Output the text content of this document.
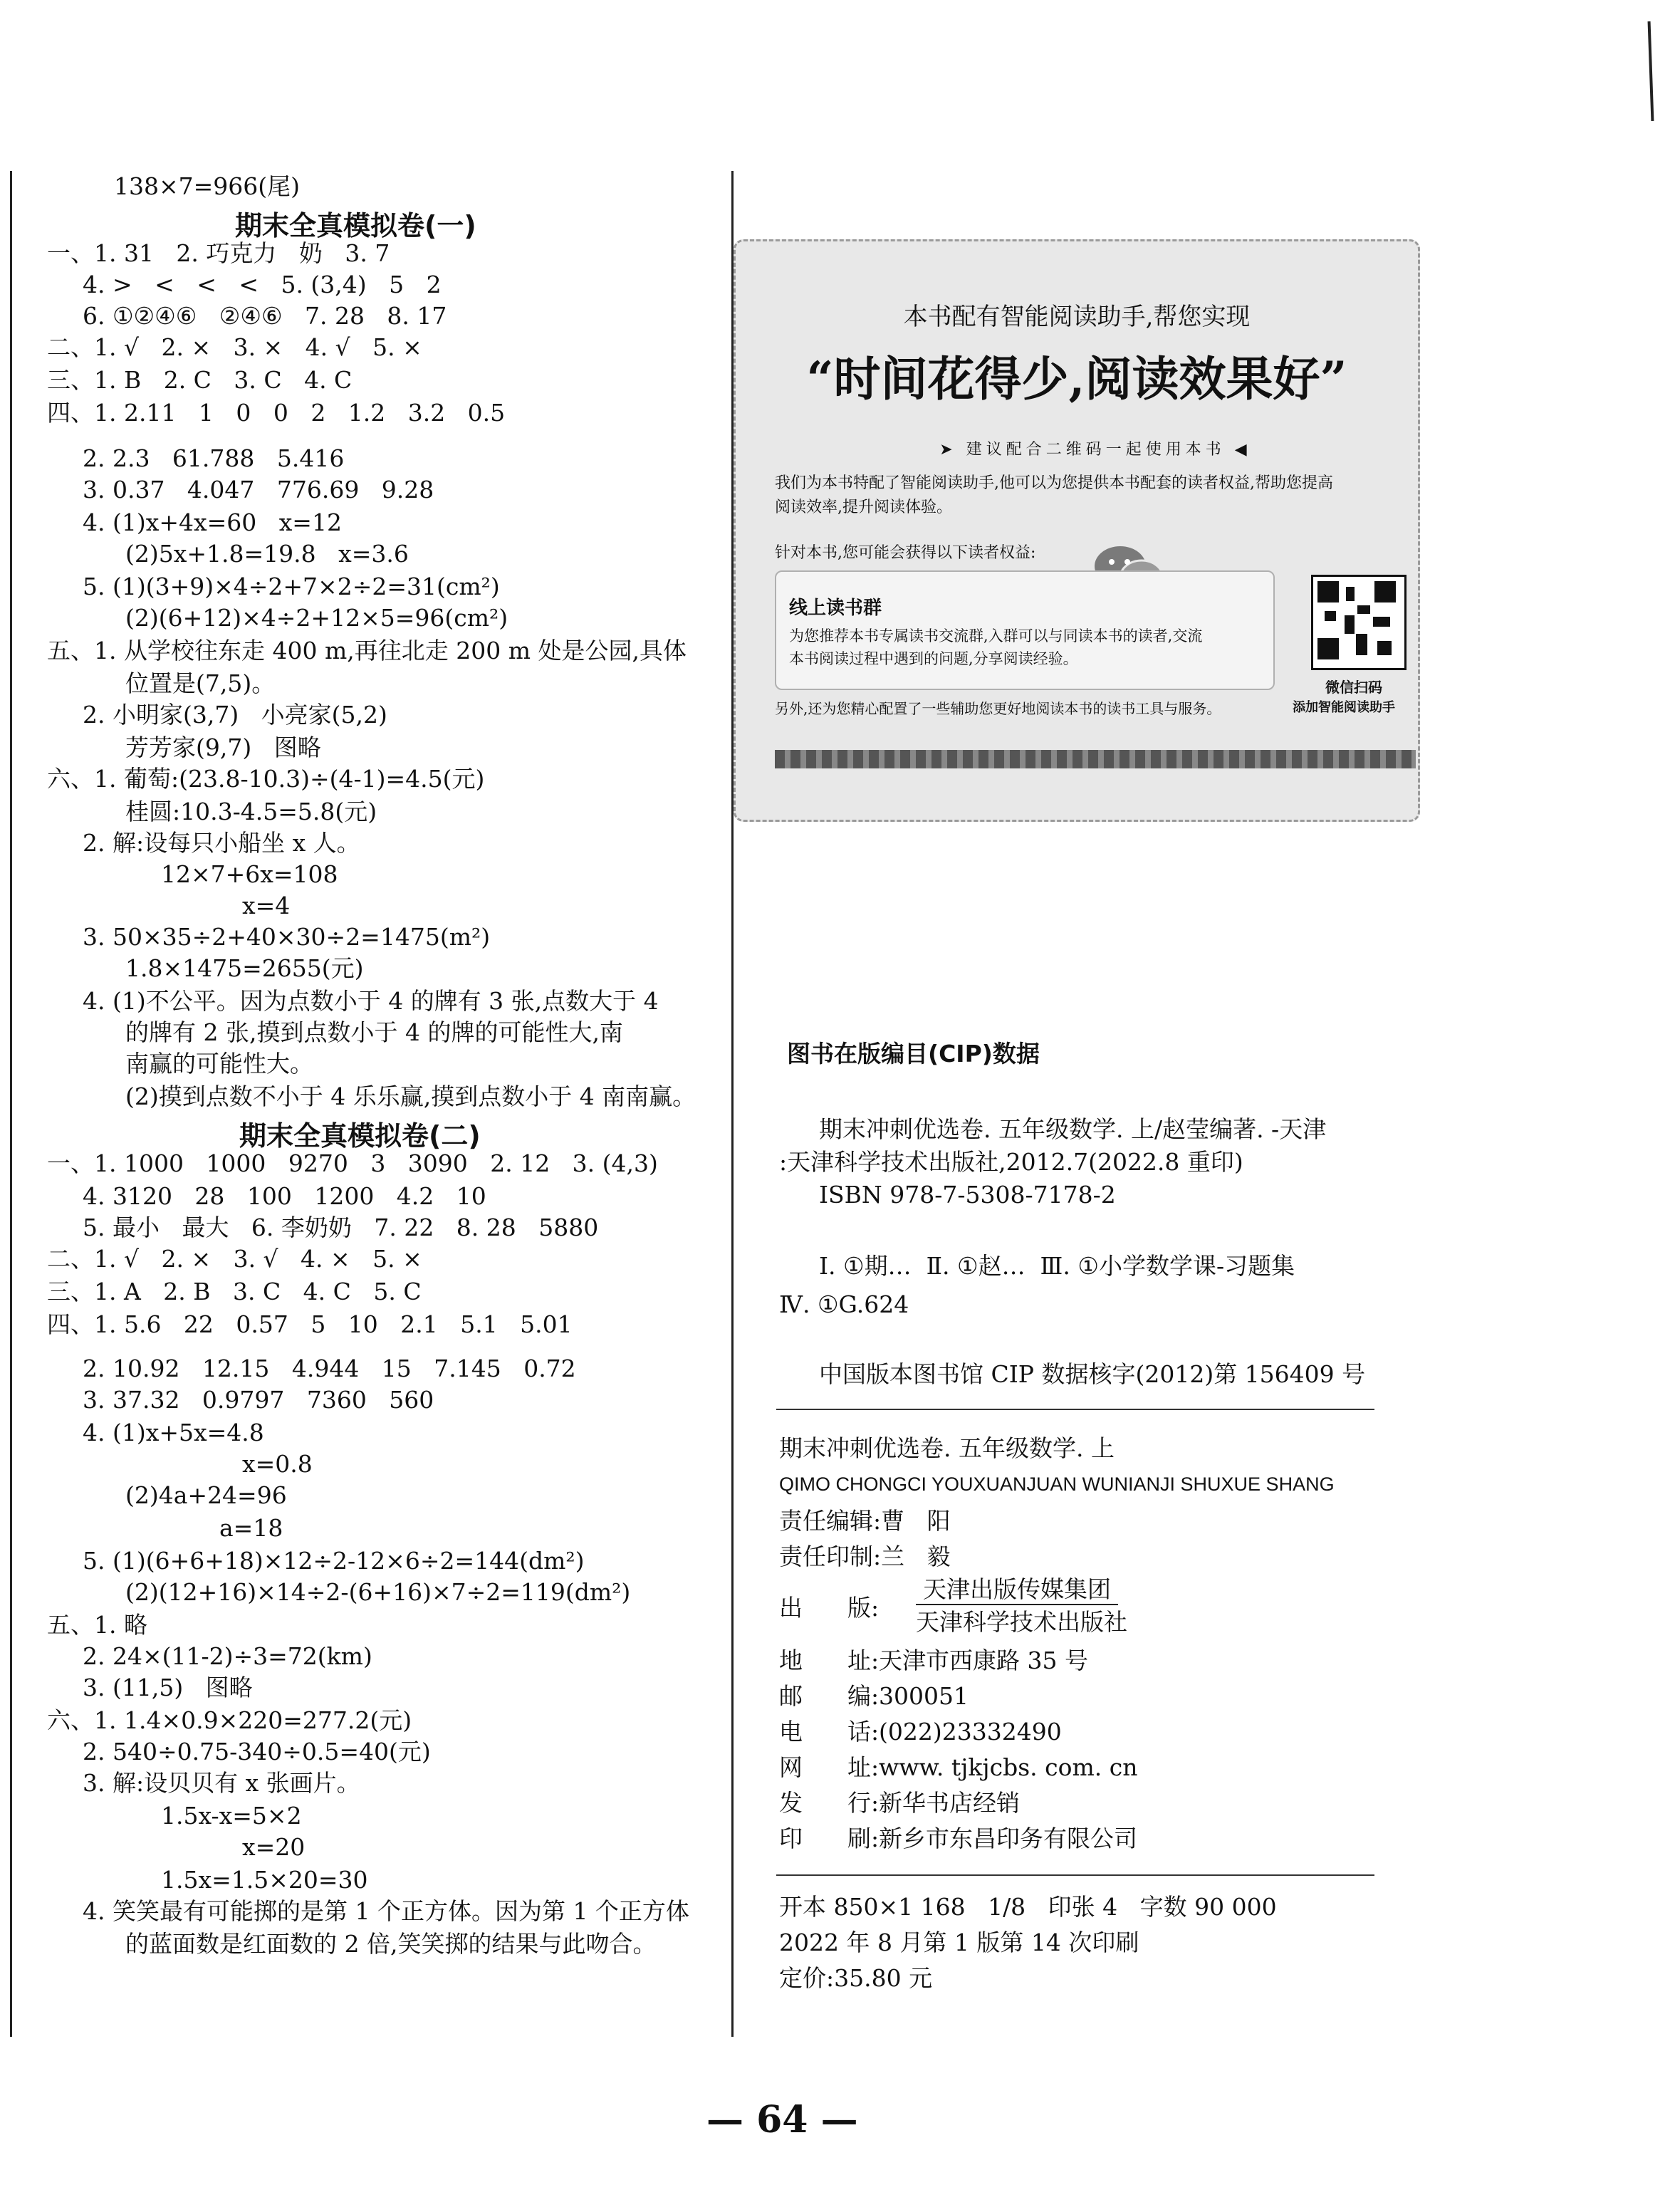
138×7=966(尾)
期末全真模拟卷(一)
一、1. 31   2. 巧克力   奶   3. 7
4. >   <   <   <   5. (3,4)   5   2
6. ①②④⑥   ②④⑥   7. 28   8. 17
二、1. √   2. ×   3. ×   4. √   5. ×
三、1. B   2. C   3. C   4. C
四、1. 2.11   1   0   0   2   1.2   3.2   0.5
2. 2.3   61.788   5.416
3. 0.37   4.047   776.69   9.28
4. (1)x+4x=60   x=12
(2)5x+1.8=19.8   x=3.6
5. (1)(3+9)×4÷2+7×2÷2=31(cm²)
(2)(6+12)×4÷2+12×5=96(cm²)
五、1. 从学校往东走 400 m,再往北走 200 m 处是公园,具体
位置是(7,5)。
2. 小明家(3,7)   小亮家(5,2)
芳芳家(9,7)   图略
六、1. 葡萄:(23.8-10.3)÷(4-1)=4.5(元)
桂圆:10.3-4.5=5.8(元)
2. 解:设每只小船坐 x 人。
12×7+6x=108
x=4
3. 50×35÷2+40×30÷2=1475(m²)
1.8×1475=2655(元)
4. (1)不公平。因为点数小于 4 的牌有 3 张,点数大于 4
的牌有 2 张,摸到点数小于 4 的牌的可能性大,南
南赢的可能性大。
(2)摸到点数不小于 4 乐乐赢,摸到点数小于 4 南南赢。
期末全真模拟卷(二)
一、1. 1000   1000   9270   3   3090   2. 12   3. (4,3)
4. 3120   28   100   1200   4.2   10
5. 最小   最大   6. 李奶奶   7. 22   8. 28   5880
二、1. √   2. ×   3. √   4. ×   5. ×
三、1. A   2. B   3. C   4. C   5. C
四、1. 5.6   22   0.57   5   10   2.1   5.1   5.01
2. 10.92   12.15   4.944   15   7.145   0.72
3. 37.32   0.9797   7360   560
4. (1)x+5x=4.8
x=0.8
(2)4a+24=96
a=18
5. (1)(6+6+18)×12÷2-12×6÷2=144(dm²)
(2)(12+16)×14÷2-(6+16)×7÷2=119(dm²)
五、1. 略
2. 24×(11-2)÷3=72(km)
3. (11,5)   图略
六、1. 1.4×0.9×220=277.2(元)
2. 540÷0.75-340÷0.5=40(元)
3. 解:设贝贝有 x 张画片。
1.5x-x=5×2
x=20
1.5x=1.5×20=30
4. 笑笑最有可能掷的是第 1 个正方体。因为第 1 个正方体
的蓝面数是红面数的 2 倍,笑笑掷的结果与此吻合。
本书配有智能阅读助手,帮您实现
“时间花得少,阅读效果好”

➤ 建议配合二维码一起使用本书 ◀

我们为本书特配了智能阅读助手,他可以为您提供本书配套的读者权益,帮助您提高
阅读效率,提升阅读体验。
针对本书,您可能会获得以下读者权益:
线上读书群
为您推荐本书专属读书交流群,入群可以与同读本书的读者,交流
本书阅读过程中遇到的问题,分享阅读经验。
微信扫码
添加智能阅读助手
另外,还为您精心配置了一些辅助您更好地阅读本书的读书工具与服务。
图书在版编目(CIP)数据
期末冲刺优选卷. 五年级数学. 上/赵莹编著. -天津
:天津科学技术出版社,2012.7(2022.8 重印)
ISBN 978-7-5308-7178-2
Ⅰ. ①期…  Ⅱ. ①赵…  Ⅲ. ①小学数学课-习题集
Ⅳ. ①G.624
中国版本图书馆 CIP 数据核字(2012)第 156409 号
期末冲刺优选卷. 五年级数学. 上
QIMO CHONGCI YOUXUANJUAN WUNIANJI SHUXUE SHANG
责任编辑:曹   阳
责任印制:兰   毅
出      版:
天津出版传媒集团
天津科学技术出版社
地      址:天津市西康路 35 号
邮      编:300051
电      话:(022)23332490
网      址:www. tjkjcbs. com. cn
发      行:新华书店经销
印      刷:新乡市东昌印务有限公司
开本 850×1 168   1/8   印张 4   字数 90 000
2022 年 8 月第 1 版第 14 次印刷
定价:35.80 元
— 64 —
